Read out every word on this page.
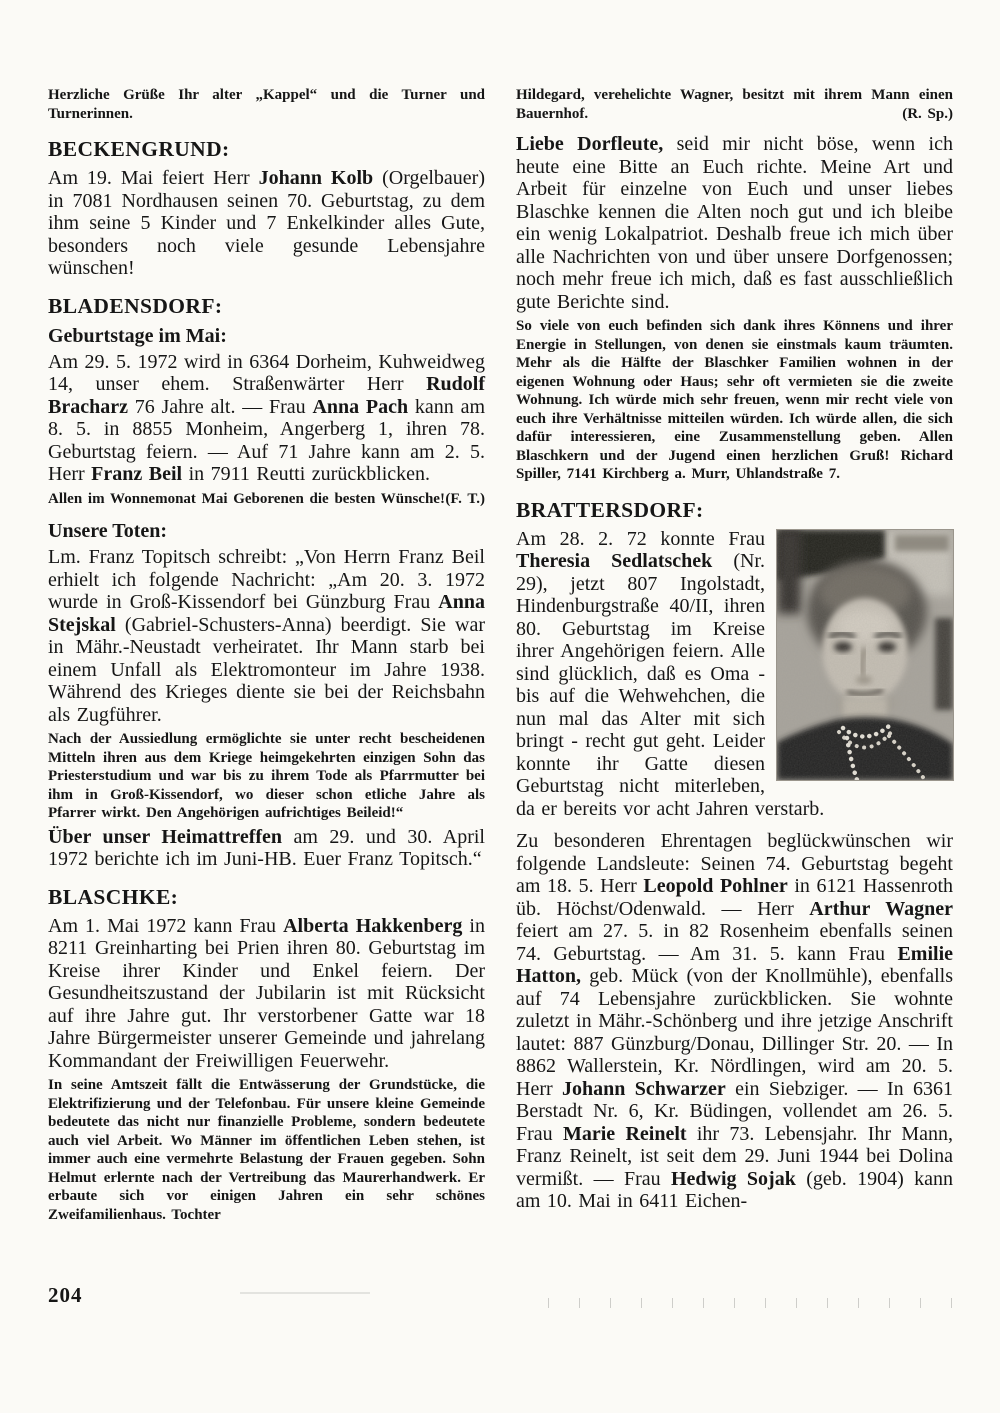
Herzliche Grüße Ihr alter „Kappel“ und die Turner und Turnerinnen.

BECKENGRUND:

Am 19. Mai feiert Herr Johann Kolb (Orgelbauer) in 7081 Nordhausen seinen 70. Geburtstag, zu dem ihm seine 5 Kinder und 7 Enkelkinder alles Gute, besonders noch viele gesunde Lebensjahre wünschen!

BLADENSDORF:
Geburtstage im Mai:

Am 29. 5. 1972 wird in 6364 Dorheim, Kuhweidweg 14, unser ehem. Straßenwärter Herr Rudolf Bracharz 76 Jahre alt. — Frau Anna Pach kann am 8. 5. in 8855 Monheim, Angerberg 1, ihren 78. Geburtstag feiern. — Auf 71 Jahre kann am 2. 5. Herr Franz Beil in 7911 Reutti zurückblicken.

Allen im Wonnemonat Mai Geborenen die besten Wünsche! (F. T.)

Unsere Toten:

Lm. Franz Topitsch schreibt: „Von Herrn Franz Beil erhielt ich folgende Nachricht: „Am 20. 3. 1972 wurde in Groß-Kissendorf bei Günzburg Frau Anna Stejskal (Gabriel-Schusters-Anna) beerdigt. Sie war in Mähr.-Neustadt verheiratet. Ihr Mann starb bei einem Unfall als Elektromonteur im Jahre 1938. Während des Krieges diente sie bei der Reichsbahn als Zugführer.

Nach der Aussiedlung ermöglichte sie unter recht bescheidenen Mitteln ihren aus dem Kriege heimgekehrten einzigen Sohn das Priesterstudium und war bis zu ihrem Tode als Pfarrmutter bei ihm in Groß-Kissendorf, wo dieser schon etliche Jahre als Pfarrer wirkt. Den Angehörigen aufrichtiges Beileid!“

Über unser Heimattreffen am 29. und 30. April 1972 berichte ich im Juni-HB. Euer Franz Topitsch.“

BLASCHKE:

Am 1. Mai 1972 kann Frau Alberta Hakkenberg in 8211 Greinharting bei Prien ihren 80. Geburtstag im Kreise ihrer Kinder und Enkel feiern. Der Gesundheitszustand der Jubilarin ist mit Rücksicht auf ihre Jahre gut. Ihr verstorbener Gatte war 18 Jahre Bürgermeister unserer Gemeinde und jahrelang Kommandant der Freiwilligen Feuerwehr.

In seine Amtszeit fällt die Entwässerung der Grundstücke, die Elektrifizierung und der Telefonbau. Für unsere kleine Gemeinde bedeutete das nicht nur finanzielle Probleme, sondern bedeutete auch viel Arbeit. Wo Männer im öffentlichen Leben stehen, ist immer auch eine vermehrte Belastung der Frauen gegeben. Sohn Helmut erlernte nach der Vertreibung das Maurerhandwerk. Er erbaute sich vor einigen Jahren ein sehr schönes Zweifamilienhaus. Tochter

Hildegard, verehelichte Wagner, besitzt mit ihrem Mann einen Bauernhof.	(R. Sp.)

Liebe Dorfleute, seid mir nicht böse, wenn ich heute eine Bitte an Euch richte. Meine Art und Arbeit für einzelne von Euch und unser liebes Blaschke kennen die Alten noch gut und ich bleibe ein wenig Lokalpatriot. Deshalb freue ich mich über alle Nachrichten von und über unsere Dorfgenossen; noch mehr freue ich mich, daß es fast ausschließlich gute Berichte sind.

So viele von euch befinden sich dank ihres Könnens und ihrer Energie in Stellungen, von denen sie einstmals kaum träumten. Mehr als die Hälfte der Blaschker Familien wohnen in der eigenen Wohnung oder Haus; sehr oft vermieten sie die zweite Wohnung. Ich würde mich sehr freuen, wenn mir recht viele von euch ihre Verhältnisse mitteilen würden. Ich würde allen, die sich dafür interessieren, eine Zusammenstellung geben. Allen Blaschkern und der Jugend einen herzlichen Gruß! Richard Spiller, 7141 Kirchberg a. Murr, Uhlandstraße 7.

BRATTERSDORF:

Am 28. 2. 72 konnte Frau Theresia Sedlatschek (Nr. 29), jetzt 807 Ingolstadt, Hindenburgstraße 40/II, ihren 80. Geburtstag im Kreise ihrer Angehörigen feiern. Alle sind glücklich, daß es Oma - bis auf die Wehwehchen, die nun mal das Alter mit sich bringt - recht gut geht. Leider konnte ihr Gatte diesen Geburtstag nicht miterleben, da er bereits vor acht Jahren verstarb.

Zu besonderen Ehrentagen beglückwünschen wir folgende Landsleute: Seinen 74. Geburtstag begeht am 18. 5. Herr Leopold Pohlner in 6121 Hassenroth üb. Höchst/Odenwald. — Herr Arthur Wagner feiert am 27. 5. in 82 Rosenheim ebenfalls seinen 74. Geburtstag. — Am 31. 5. kann Frau Emilie Hatton, geb. Mück (von der Knollmühle), ebenfalls auf 74 Lebensjahre zurückblicken. Sie wohnte zuletzt in Mähr.-Schönberg und ihre jetzige Anschrift lautet: 887 Günzburg/Donau, Dillinger Str. 20. — In 8862 Wallerstein, Kr. Nördlingen, wird am 20. 5. Herr Johann Schwarzer ein Siebziger. — In 6361 Berstadt Nr. 6, Kr. Büdingen, vollendet am 26. 5. Frau Marie Reinelt ihr 73. Lebensjahr. Ihr Mann, Franz Reinelt, ist seit dem 29. Juni 1944 bei Dolina vermißt. — Frau Hedwig Sojak (geb. 1904) kann am 10. Mai in 6411 Eichen-

204
